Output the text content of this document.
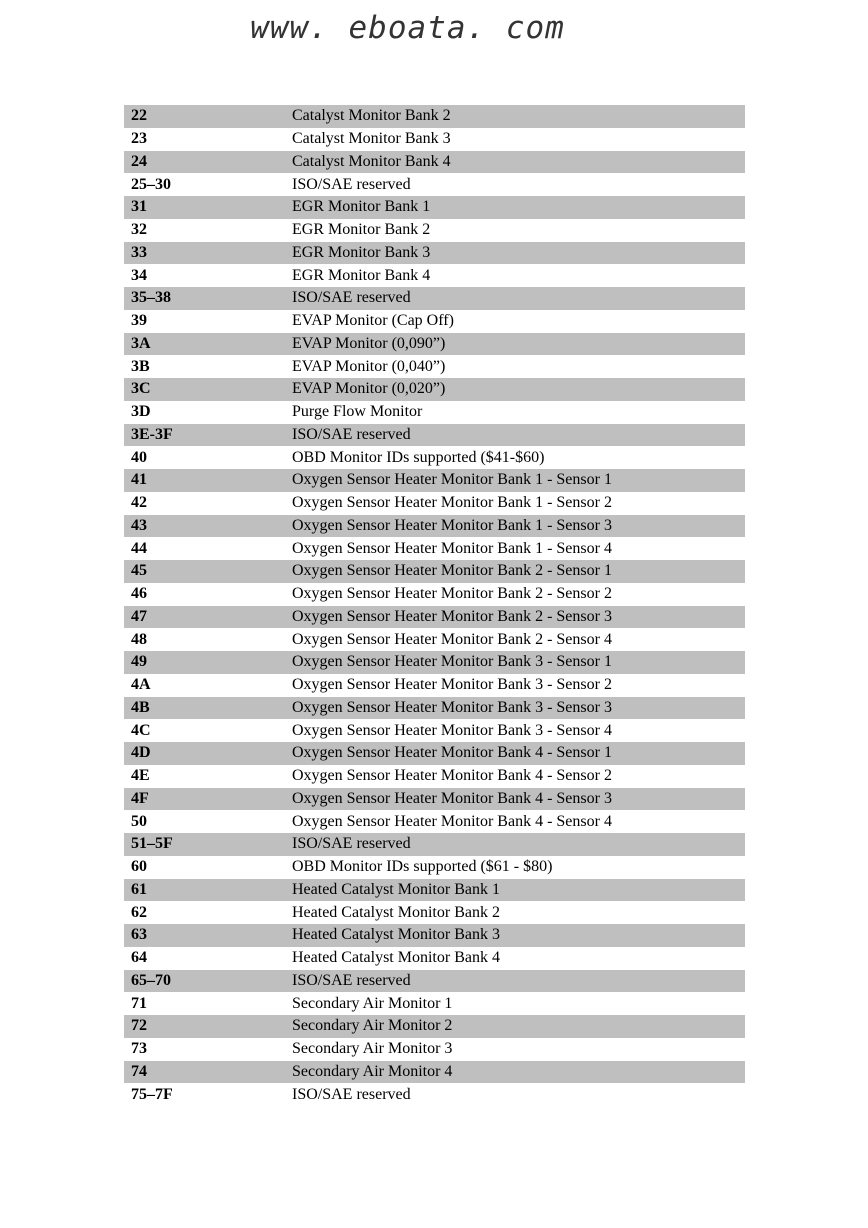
www. eboata. com
22	Catalyst Monitor Bank 2
23	Catalyst Monitor Bank 3
24	Catalyst Monitor Bank 4
25–30	ISO/SAE reserved
31	EGR Monitor Bank 1
32	EGR Monitor Bank 2
33	EGR Monitor Bank 3
34	EGR Monitor Bank 4
35–38	ISO/SAE reserved
39	EVAP Monitor (Cap Off)
3A	EVAP Monitor (0,090”)
3B	EVAP Monitor (0,040”)
3C	EVAP Monitor (0,020”)
3D	Purge Flow Monitor
3E-3F	ISO/SAE reserved
40	OBD Monitor IDs supported ($41-$60)
41	Oxygen Sensor Heater Monitor Bank 1 - Sensor 1
42	Oxygen Sensor Heater Monitor Bank 1 - Sensor 2
43	Oxygen Sensor Heater Monitor Bank 1 - Sensor 3
44	Oxygen Sensor Heater Monitor Bank 1 - Sensor 4
45	Oxygen Sensor Heater Monitor Bank 2 - Sensor 1
46	Oxygen Sensor Heater Monitor Bank 2 - Sensor 2
47	Oxygen Sensor Heater Monitor Bank 2 - Sensor 3
48	Oxygen Sensor Heater Monitor Bank 2 - Sensor 4
49	Oxygen Sensor Heater Monitor Bank 3 - Sensor 1
4A	Oxygen Sensor Heater Monitor Bank 3 - Sensor 2
4B	Oxygen Sensor Heater Monitor Bank 3 - Sensor 3
4C	Oxygen Sensor Heater Monitor Bank 3 - Sensor 4
4D	Oxygen Sensor Heater Monitor Bank 4 - Sensor 1
4E	Oxygen Sensor Heater Monitor Bank 4 - Sensor 2
4F	Oxygen Sensor Heater Monitor Bank 4 - Sensor 3
50	Oxygen Sensor Heater Monitor Bank 4 - Sensor 4
51–5F	ISO/SAE reserved
60	OBD Monitor IDs supported ($61 - $80)
61	Heated Catalyst Monitor Bank 1
62	Heated Catalyst Monitor Bank 2
63	Heated Catalyst Monitor Bank 3
64	Heated Catalyst Monitor Bank 4
65–70	ISO/SAE reserved
71	Secondary Air Monitor 1
72	Secondary Air Monitor 2
73	Secondary Air Monitor 3
74	Secondary Air Monitor 4
75–7F	ISO/SAE reserved
